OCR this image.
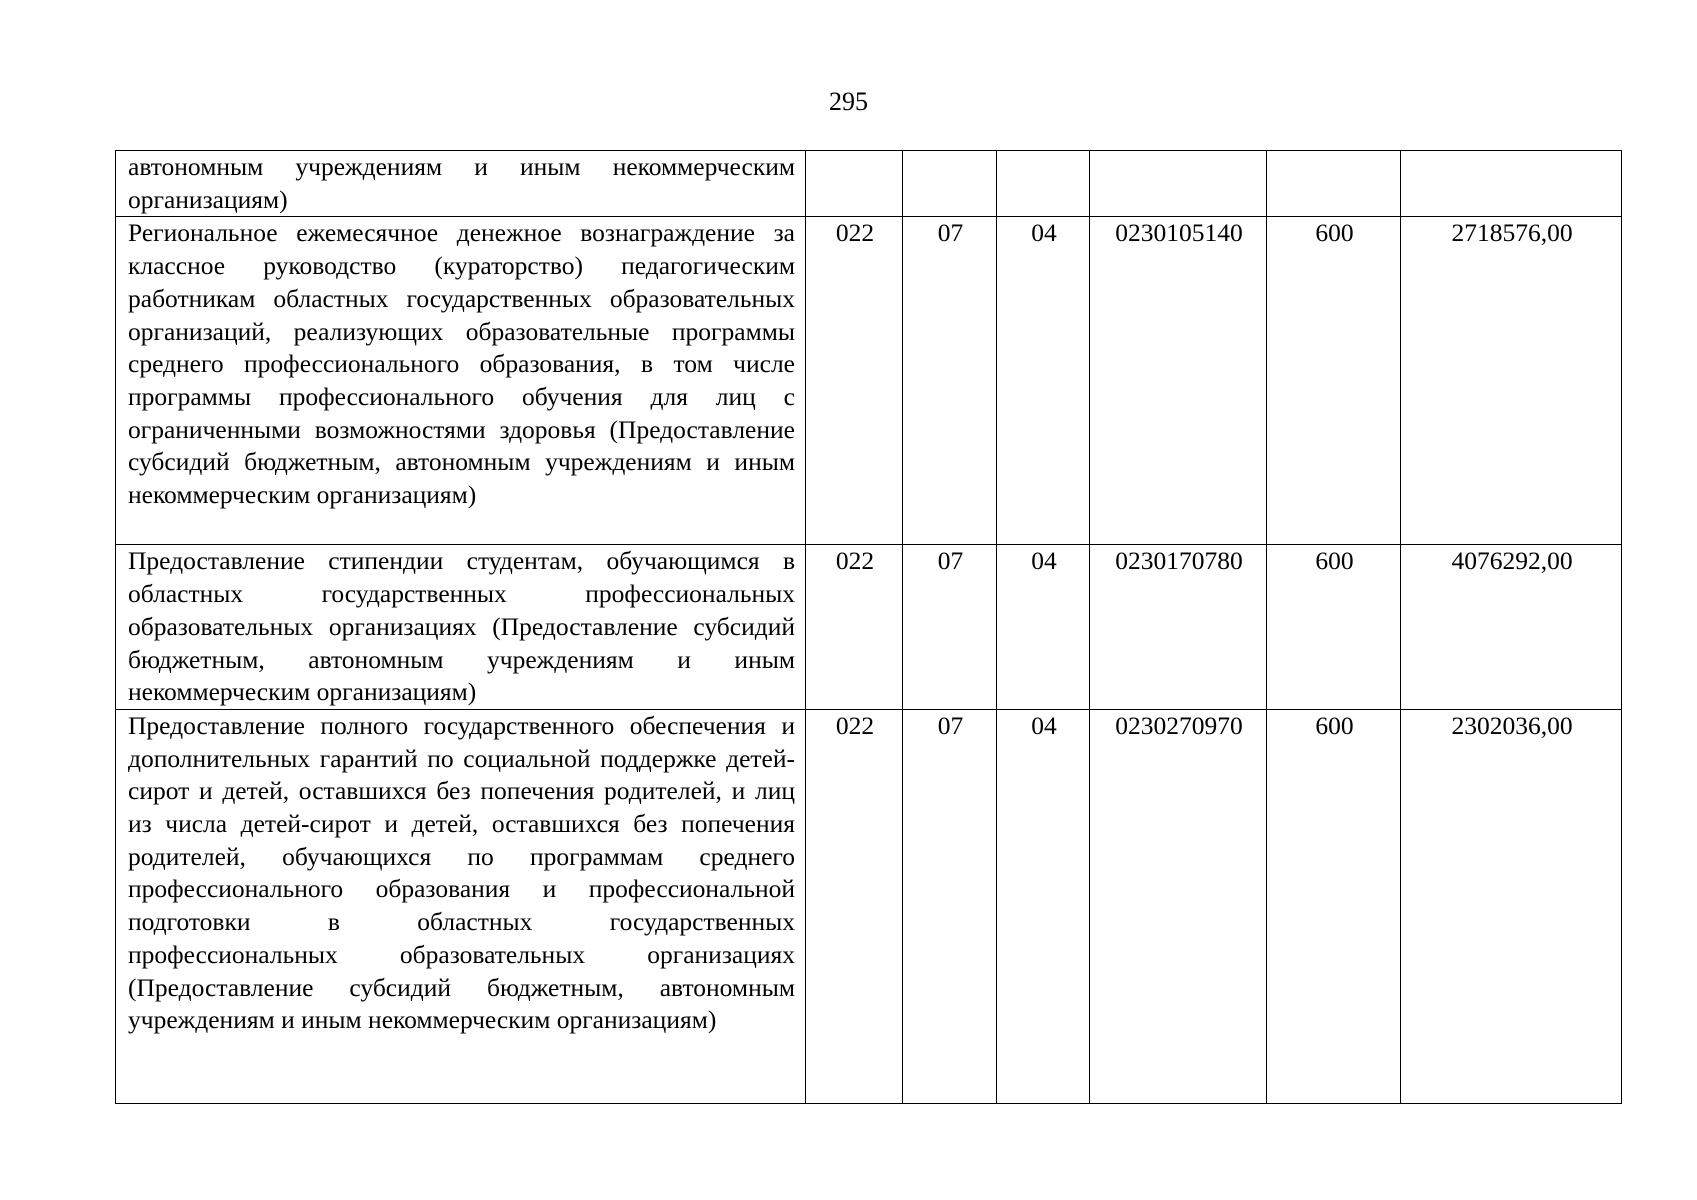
295
автономным учреждениям и иным некоммерческим организациям)						
Региональное ежемесячное денежное вознаграждение за классное руководство (кураторство) педагогическим работникам областных государственных образовательных организаций, реализующих образовательные программы среднего профессионального образования, в том числе программы профессионального обучения для лиц с ограниченными возможностями здоровья (Предоставление субсидий бюджетным, автономным учреждениям и иным некоммерческим организациям)	022	07	04	0230105140	600	2718576,00
Предоставление стипендии студентам, обучающимся в областных государственных профессиональных образовательных организациях (Предоставление субсидий бюджетным, автономным учреждениям и иным некоммерческим организациям)	022	07	04	0230170780	600	4076292,00
Предоставление полного государственного обеспечения и дополнительных гарантий по социальной поддержке детей-сирот и детей, оставшихся без попечения родителей, и лиц из числа детей-сирот и детей, оставшихся без попечения родителей, обучающихся по программам среднего профессионального образования и профессиональной подготовки в областных государственных профессиональных образовательных организациях (Предоставление субсидий бюджетным, автономным учреждениям и иным некоммерческим организациям)	022	07	04	0230270970	600	2302036,00
